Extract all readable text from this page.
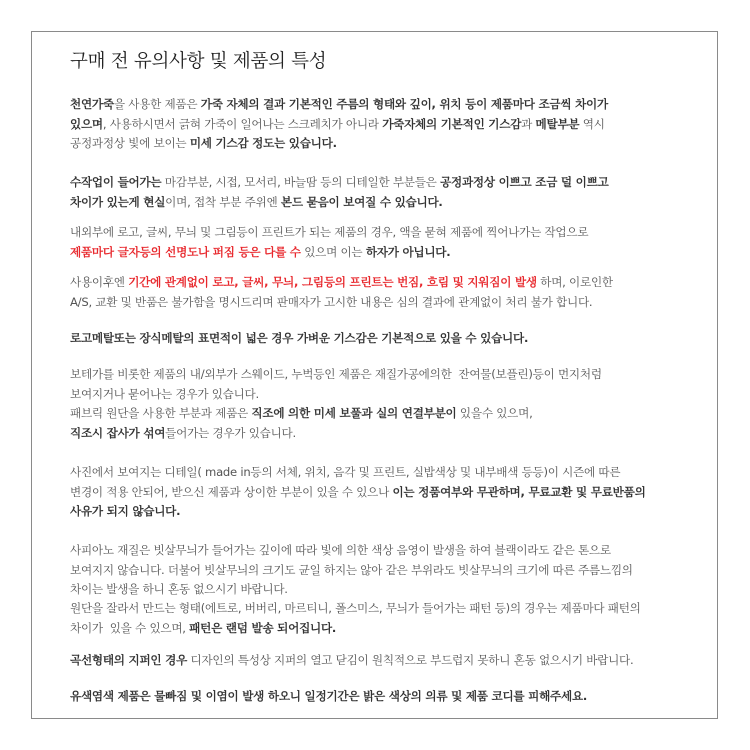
구매 전 유의사항 및 제품의 특성
천연가죽을 사용한 제품은 가죽 자체의 결과 기본적인 주름의 형태와 깊이, 위치 등이 제품마다 조금씩 차이가
있으며, 사용하시면서 긁혀 가죽이 일어나는 스크레치가 아니라 가죽자체의 기본적인 기스감과 메탈부분 역시
공정과정상 빛에 보이는 미세 기스감 정도는 있습니다.
수작업이 들어가는 마감부분, 시접, 모서리, 바늘땀 등의 디테일한 부분들은 공정과정상 이쁘고 조금 덜 이쁘고
차이가 있는게 현실이며, 접착 부분 주위엔 본드 묻음이 보여질 수 있습니다.
내외부에 로고, 글씨, 무늬 및 그림등이 프린트가 되는 제품의 경우, 액을 묻혀 제품에 찍어나가는 작업으로
제품마다 글자등의 선명도나 퍼짐 등은 다를 수 있으며 이는 하자가 아닙니다.
사용이후엔 기간에 관계없이 로고, 글씨, 무늬, 그림등의 프린트는 번짐, 흐림 및 지워짐이 발생 하며, 이로인한
A/S, 교환 및 반품은 불가함을 명시드리며 판매자가 고시한 내용은 심의 결과에 관계없이 처리 불가 합니다.
로고메탈또는 장식메탈의 표면적이 넓은 경우 가벼운 기스감은 기본적으로 있을 수 있습니다.
보테가를 비롯한 제품의 내/외부가 스웨이드, 누벅등인 제품은 재질가공에의한  잔여물(보플린)등이 먼지처럼
보여지거나 묻어나는 경우가 있습니다.
패브릭 원단을 사용한 부분과 제품은 직조에 의한 미세 보풀과 실의 연결부분이 있을수 있으며,
직조시 잡사가 섞여들어가는 경우가 있습니다.
사진에서 보여지는 디테일( made in등의 서체, 위치, 음각 및 프린트, 실밥색상 및 내부배색 등등)이 시즌에 따른
변경이 적용 안되어, 받으신 제품과 상이한 부분이 있을 수 있으나 이는 정품여부와 무관하며, 무료교환 및 무료반품의
사유가 되지 않습니다.
사피아노 재질은 빗살무늬가 들어가는 깊이에 따라 빛에 의한 색상 음영이 발생을 하여 블랙이라도 같은 톤으로
보여지지 않습니다. 더불어 빗살무늬의 크기도 균일 하지는 않아 같은 부위라도 빗살무늬의 크기에 따른 주름느낌의
차이는 발생을 하니 혼동 없으시기 바랍니다.
원단을 잘라서 만드는 형태(에트로, 버버리, 마르티니, 폴스미스, 무늬가 들어가는 패턴 등)의 경우는 제품마다 패턴의
차이가  있을 수 있으며, 패턴은 랜덤 발송 되어집니다.
곡선형태의 지퍼인 경우 디자인의 특성상 지퍼의 열고 닫김이 원칙적으로 부드럽지 못하니 혼동 없으시기 바랍니다.
유색염색 제품은 물빠짐 및 이염이 발생 하오니 일정기간은 밝은 색상의 의류 및 제품 코디를 피해주세요.
